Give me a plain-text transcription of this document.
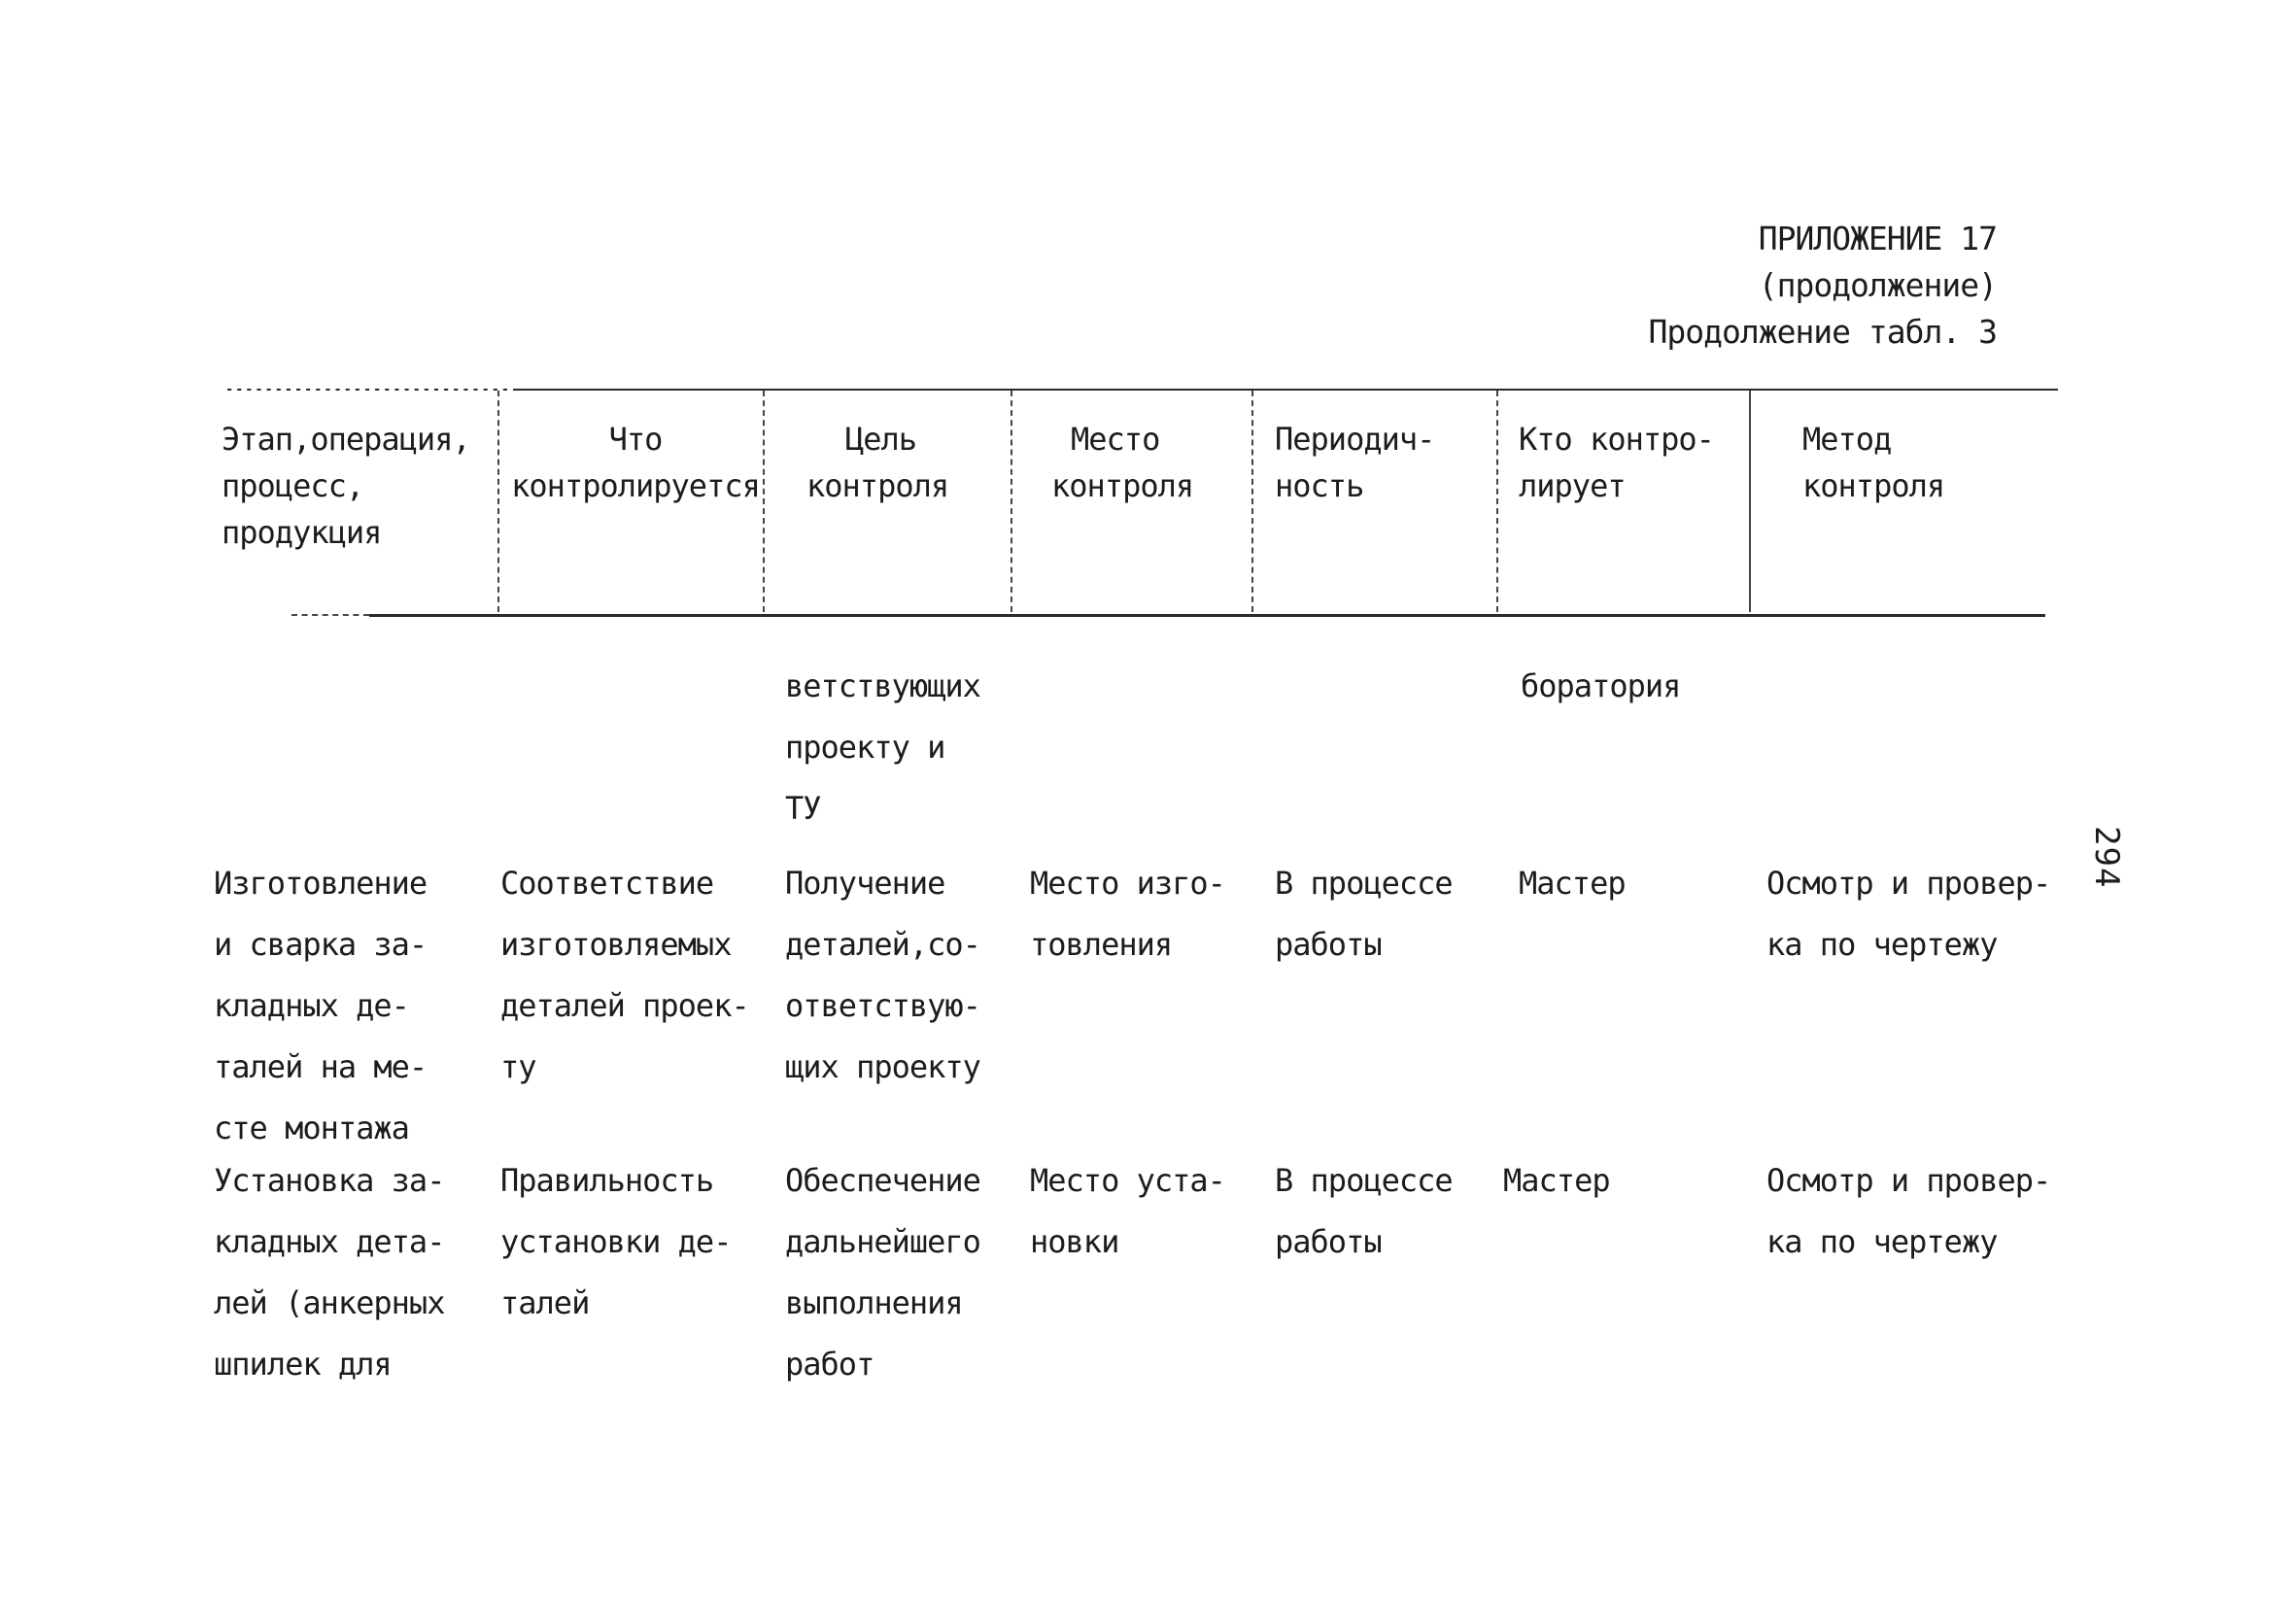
ПРИЛОЖЕНИЕ 17
(продолжение)
Продолжение табл. 3
294
Этап,операция,
процесс,
продукция
Что
контролируется
Цель
контроля
Место
контроля
Периодич-
ность
Кто контро-
лирует
Метод
контроля
ветствующих
проекту и
ТУ
боратория
Изготовление
и сварка за-
кладных де-
талей на ме-
сте монтажа
Соответствие
изготовляемых
деталей проек-
ту
Получение
деталей,со-
ответствую-
щих проекту
Место изго-
товления
В процессе
работы
Мастер	Осмотр и провер-
ка по чертежу
Установка за-
кладных дета-
лей (анкерных
шпилек для
Правильность
установки де-
талей
Обеспечение
дальнейшего
выполнения
работ
Место уста-
новки
В процессе
работы
Мастер	Осмотр и провер-
ка по чертежу
